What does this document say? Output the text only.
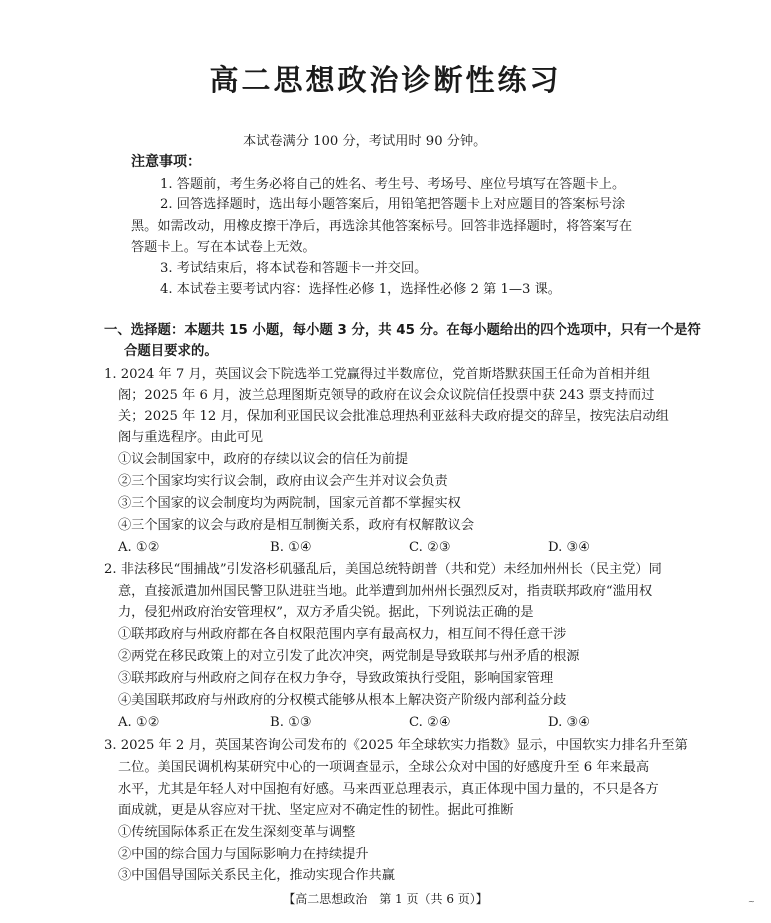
高二思想政治诊断性练习
本试卷满分 100 分，考试用时 90 分钟。
注意事项：
1. 答题前，考生务必将自己的姓名、考生号、考场号、座位号填写在答题卡上。
2. 回答选择题时，选出每小题答案后，用铅笔把答题卡上对应题目的答案标号涂
黑。如需改动，用橡皮擦干净后，再选涂其他答案标号。回答非选择题时，将答案写在
答题卡上。写在本试卷上无效。
3. 考试结束后，将本试卷和答题卡一并交回。
4. 本试卷主要考试内容：选择性必修 1，选择性必修 2 第 1—3 课。
一、选择题：本题共 15 小题，每小题 3 分，共 45 分。在每小题给出的四个选项中，只有一个是符
合题目要求的。
1. 2024 年 7 月，英国议会下院选举工党赢得过半数席位，党首斯塔默获国王任命为首相并组
阁；2025 年 6 月，波兰总理图斯克领导的政府在议会众议院信任投票中获 243 票支持而过
关；2025 年 12 月，保加利亚国民议会批准总理热利亚兹科夫政府提交的辞呈，按宪法启动组
阁与重选程序。由此可见
①议会制国家中，政府的存续以议会的信任为前提
②三个国家均实行议会制，政府由议会产生并对议会负责
③三个国家的议会制度均为两院制，国家元首都不掌握实权
④三个国家的议会与政府是相互制衡关系，政府有权解散议会
A. ①②	B. ①④	C. ②③	D. ③④
2. 非法移民“围捕战”引发洛杉矶骚乱后，美国总统特朗普（共和党）未经加州州长（民主党）同
意，直接派遣加州国民警卫队进驻当地。此举遭到加州州长强烈反对，指责联邦政府“滥用权
力，侵犯州政府治安管理权”，双方矛盾尖锐。据此，下列说法正确的是
①联邦政府与州政府都在各自权限范围内享有最高权力，相互间不得任意干涉
②两党在移民政策上的对立引发了此次冲突，两党制是导致联邦与州矛盾的根源
③联邦政府与州政府之间存在权力争夺，导致政策执行受阻，影响国家管理
④美国联邦政府与州政府的分权模式能够从根本上解决资产阶级内部利益分歧
A. ①②	B. ①③	C. ②④	D. ③④
3. 2025 年 2 月，英国某咨询公司发布的《2025 年全球软实力指数》显示，中国软实力排名升至第
二位。美国民调机构某研究中心的一项调查显示，全球公众对中国的好感度升至 6 年来最高
水平，尤其是年轻人对中国抱有好感。马来西亚总理表示，真正体现中国力量的，不只是各方
面成就，更是从容应对干扰、坚定应对不确定性的韧性。据此可推断
①传统国际体系正在发生深刻变革与调整
②中国的综合国力与国际影响力在持续提升
③中国倡导国际关系民主化，推动实现合作共赢
【高二思想政治　第 1 页（共 6 页）】	~
